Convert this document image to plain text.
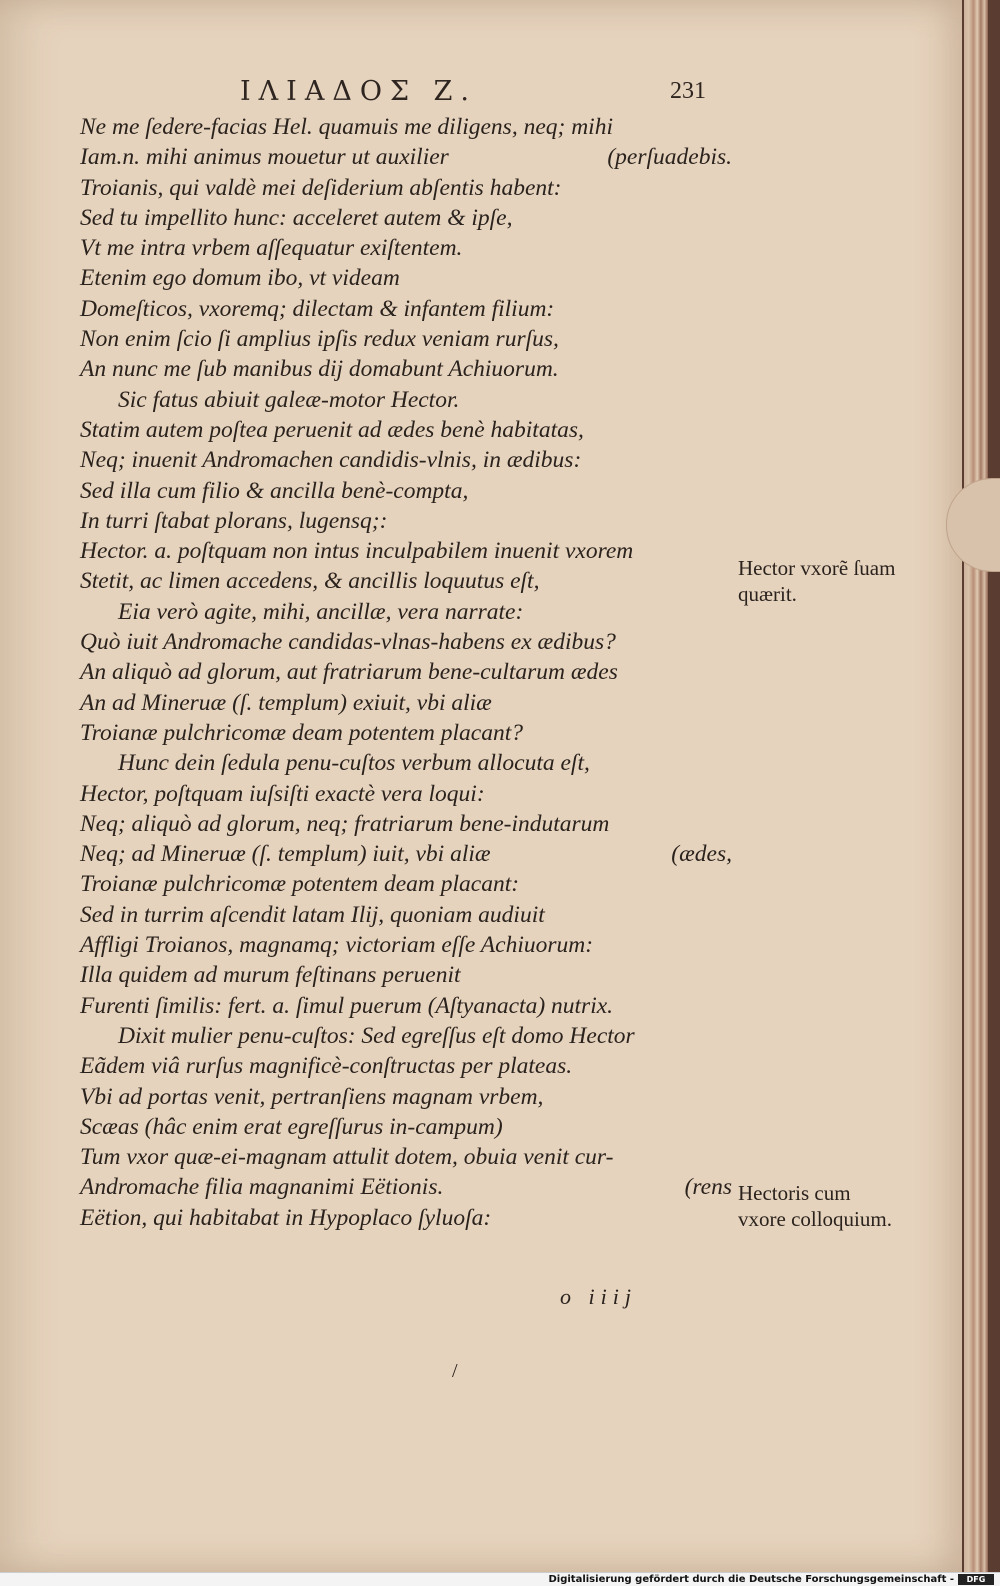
ΙΛΙΑΔΟΣ Ζ.	231
Ne me ſedere-facias Hel. quamuis me diligens, neq; mihi
Iam.n. mihi animus mouetur ut auxilier	(perſuadebis.
Troianis, qui valdè mei deſiderium abſentis habent:
Sed tu impellito hunc: acceleret autem & ipſe,
Vt me intra vrbem aſſequatur exiſtentem.
Etenim ego domum ibo, vt videam
Domeſticos, vxoremq; dilectam & infantem filium:
Non enim ſcio ſi amplius ipſis redux veniam rurſus,
An nunc me ſub manibus dij domabunt Achiuorum.
Sic fatus abiuit galeæ-motor Hector.
Statim autem poſtea peruenit ad ædes benè habitatas,
Neq; inuenit Andromachen candidis-vlnis, in ædibus:
Sed illa cum filio & ancilla benè-compta,
In turri ſtabat plorans, lugensq;:
Hector. a. poſtquam non intus inculpabilem inuenit vxorem
Stetit, ac limen accedens, & ancillis loquutus eſt,
Eia verò agite, mihi, ancillæ, vera narrate:
Quò iuit Andromache candidas-vlnas-habens ex ædibus?
An aliquò ad glorum, aut fratriarum bene-cultarum ædes
An ad Mineruæ (ſ. templum) exiuit, vbi aliæ
Troianæ pulchricomæ deam potentem placant?
Hunc dein ſedula penu-cuſtos verbum allocuta eſt,
Hector, poſtquam iuſsiſti exactè vera loqui:
Neq; aliquò ad glorum, neq; fratriarum bene-indutarum
Neq; ad Mineruæ (ſ. templum) iuit, vbi aliæ	(ædes,
Troianæ pulchricomæ potentem deam placant:
Sed in turrim aſcendit latam Ilij, quoniam audiuit
Affligi Troianos, magnamq; victoriam eſſe Achiuorum:
Illa quidem ad murum feſtinans peruenit
Furenti ſimilis: fert. a. ſimul puerum (Aſtyanacta) nutrix.
Dixit mulier penu-cuſtos: Sed egreſſus eſt domo Hector
Eãdem viâ rurſus magnificè-conſtructas per plateas.
Vbi ad portas venit, pertranſiens magnam vrbem,
Scæas (hâc enim erat egreſſurus in-campum)
Tum vxor quæ-ei-magnam attulit dotem, obuia venit cur-
Andromache filia magnanimi Eëtionis.	(rens
Eëtion, qui habitabat in Hypoplaco ſyluoſa:
Hector vxorẽ ſuam quærit.
Hectoris cum vxore colloquium.
o iiij
/
Digitalisierung gefördert durch die Deutsche Forschungsgemeinschaft -	DFG
